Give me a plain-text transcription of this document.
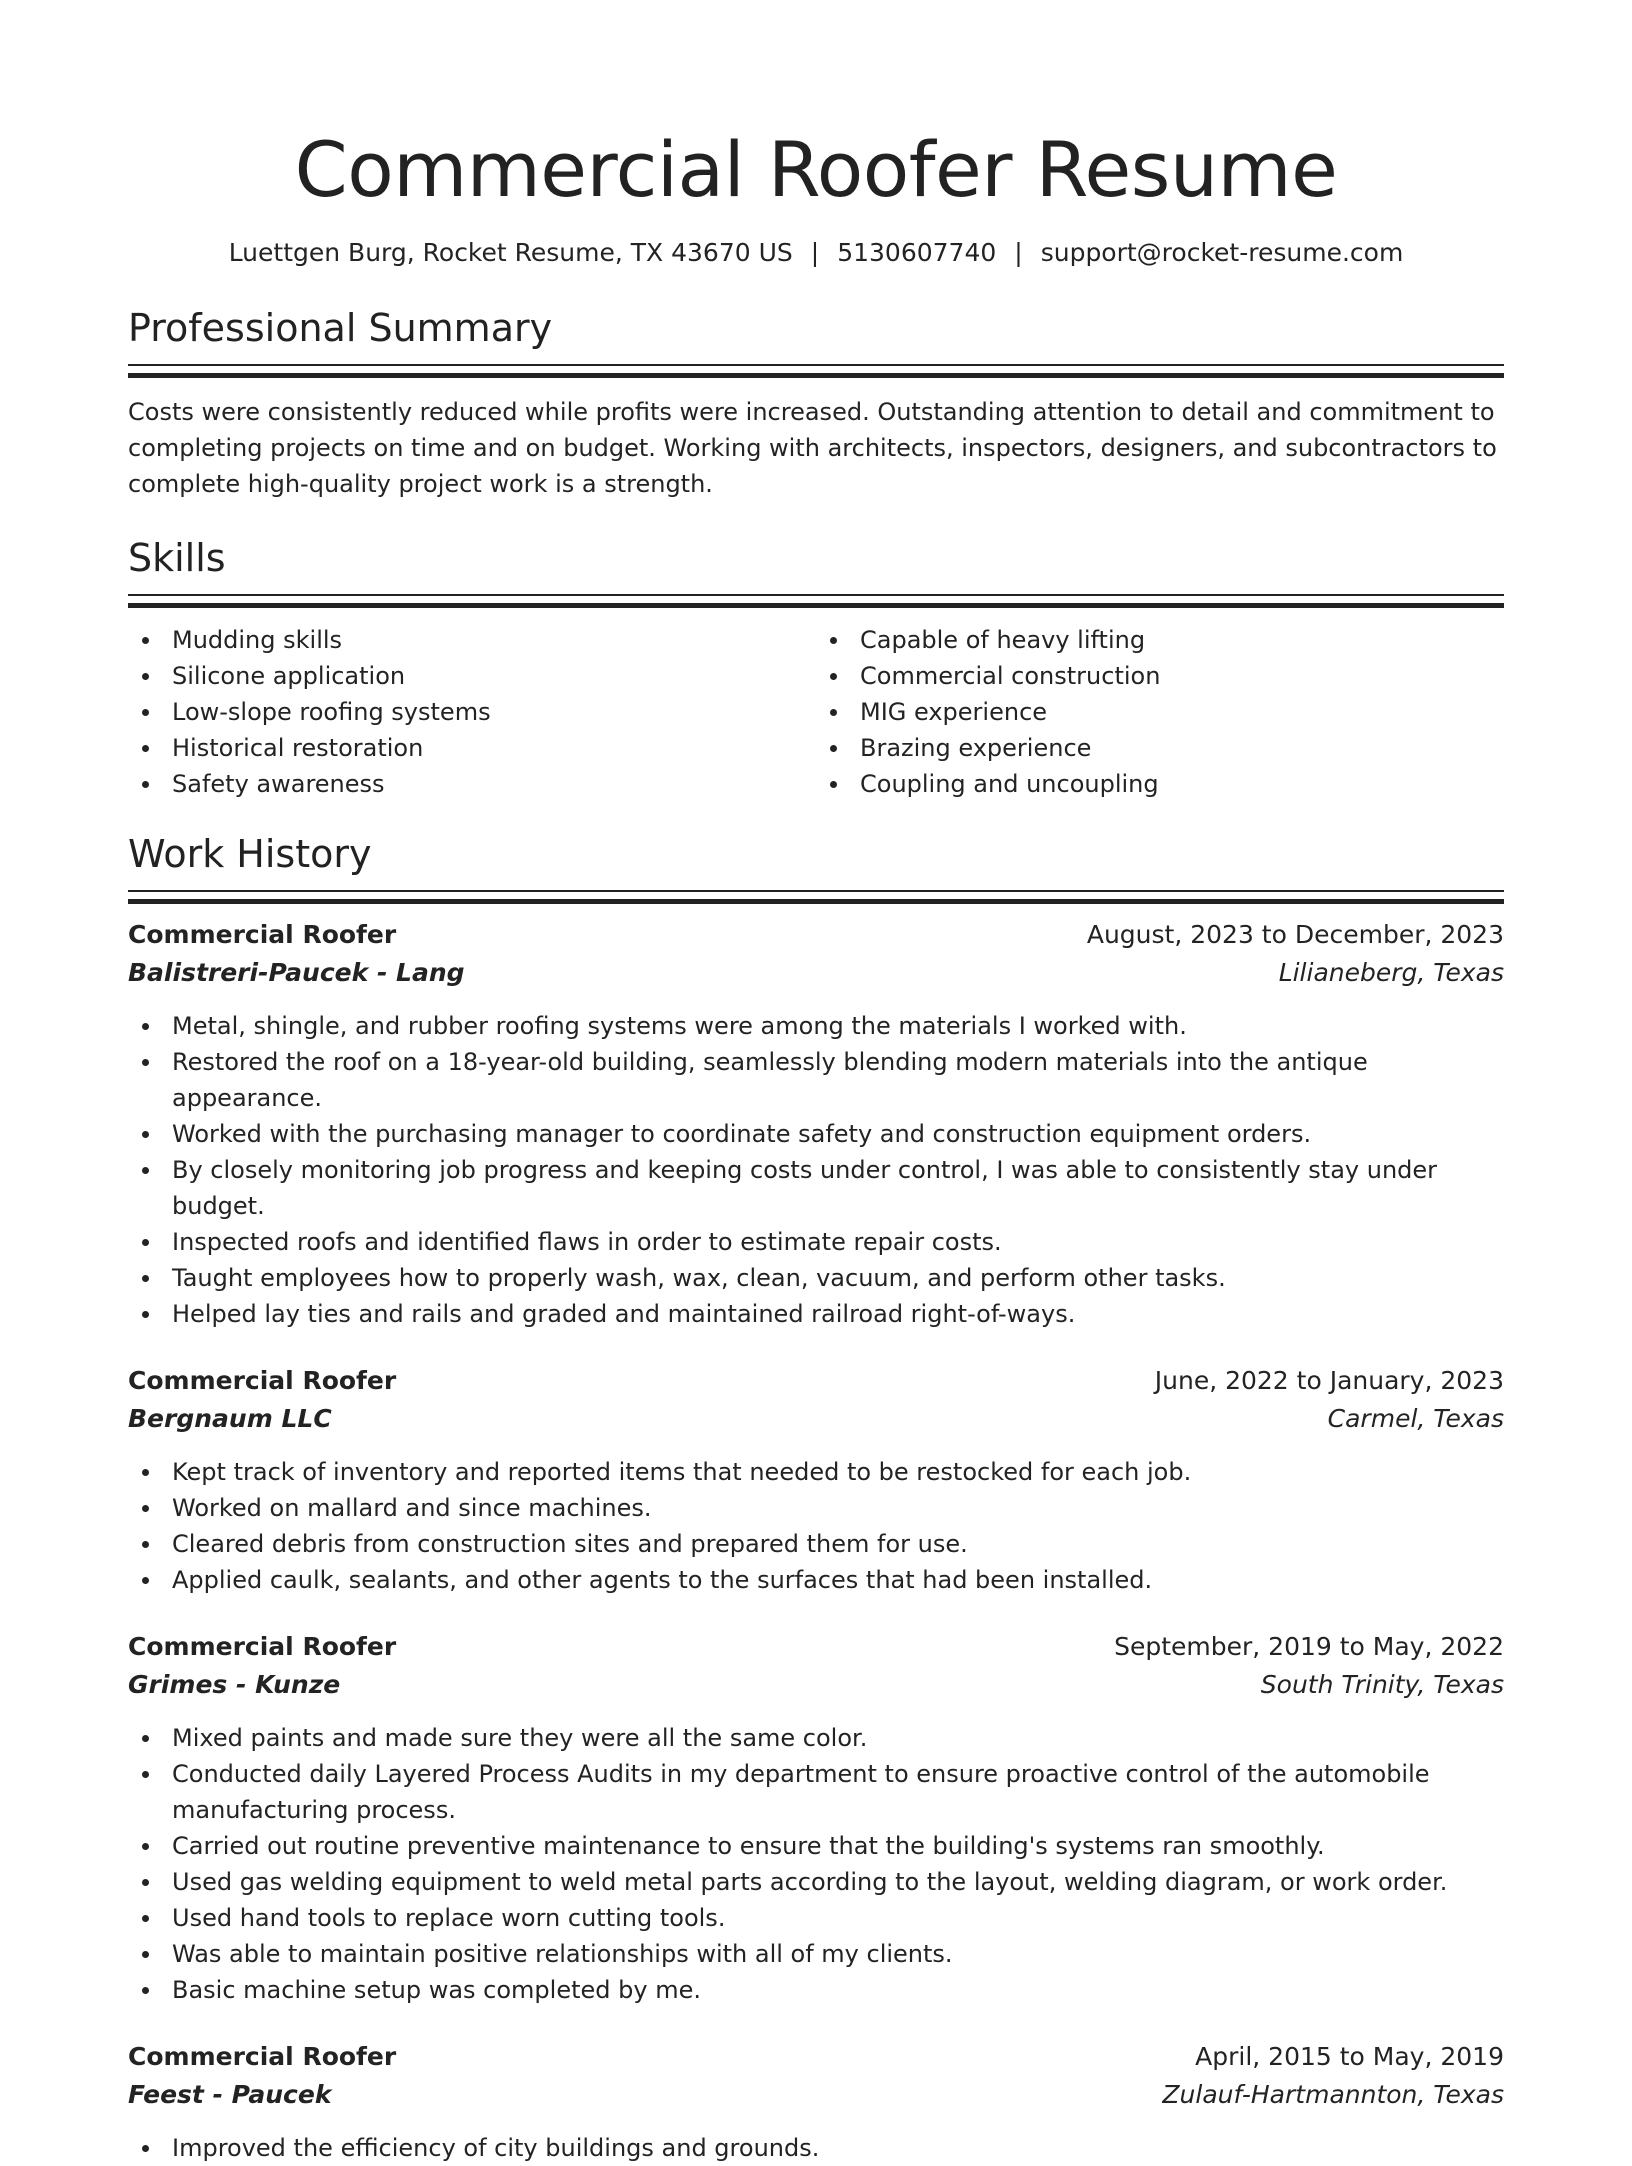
Commercial Roofer Resume
Luettgen Burg, Rocket Resume, TX 43670 US | 5130607740 | support@rocket-resume.com
Professional Summary

Costs were consistently reduced while profits were increased. Outstanding attention to detail and commitment to completing projects on time and on budget. Working with architects, inspectors, designers, and subcontractors to complete high-quality project work is a strength.

Skills
Mudding skills
Silicone application
Low-slope roofing systems
Historical restoration
Safety awareness
Capable of heavy lifting
Commercial construction
MIG experience
Brazing experience
Coupling and uncoupling
Work History
Commercial Roofer	August, 2023 to December, 2023
Balistreri-Paucek - Lang	Lilianeberg, Texas
Metal, shingle, and rubber roofing systems were among the materials I worked with.
Restored the roof on a 18-year-old building, seamlessly blending modern materials into the antique appearance.
Worked with the purchasing manager to coordinate safety and construction equipment orders.
By closely monitoring job progress and keeping costs under control, I was able to consistently stay under budget.
Inspected roofs and identified flaws in order to estimate repair costs.
Taught employees how to properly wash, wax, clean, vacuum, and perform other tasks.
Helped lay ties and rails and graded and maintained railroad right-of-ways.
Commercial Roofer	June, 2022 to January, 2023
Bergnaum LLC	Carmel, Texas
Kept track of inventory and reported items that needed to be restocked for each job.
Worked on mallard and since machines.
Cleared debris from construction sites and prepared them for use.
Applied caulk, sealants, and other agents to the surfaces that had been installed.
Commercial Roofer	September, 2019 to May, 2022
Grimes - Kunze	South Trinity, Texas
Mixed paints and made sure they were all the same color.
Conducted daily Layered Process Audits in my department to ensure proactive control of the automobile manufacturing process.
Carried out routine preventive maintenance to ensure that the building's systems ran smoothly.
Used gas welding equipment to weld metal parts according to the layout, welding diagram, or work order.
Used hand tools to replace worn cutting tools.
Was able to maintain positive relationships with all of my clients.
Basic machine setup was completed by me.
Commercial Roofer	April, 2015 to May, 2019
Feest - Paucek	Zulauf-Hartmannton, Texas
Improved the efficiency of city buildings and grounds.
